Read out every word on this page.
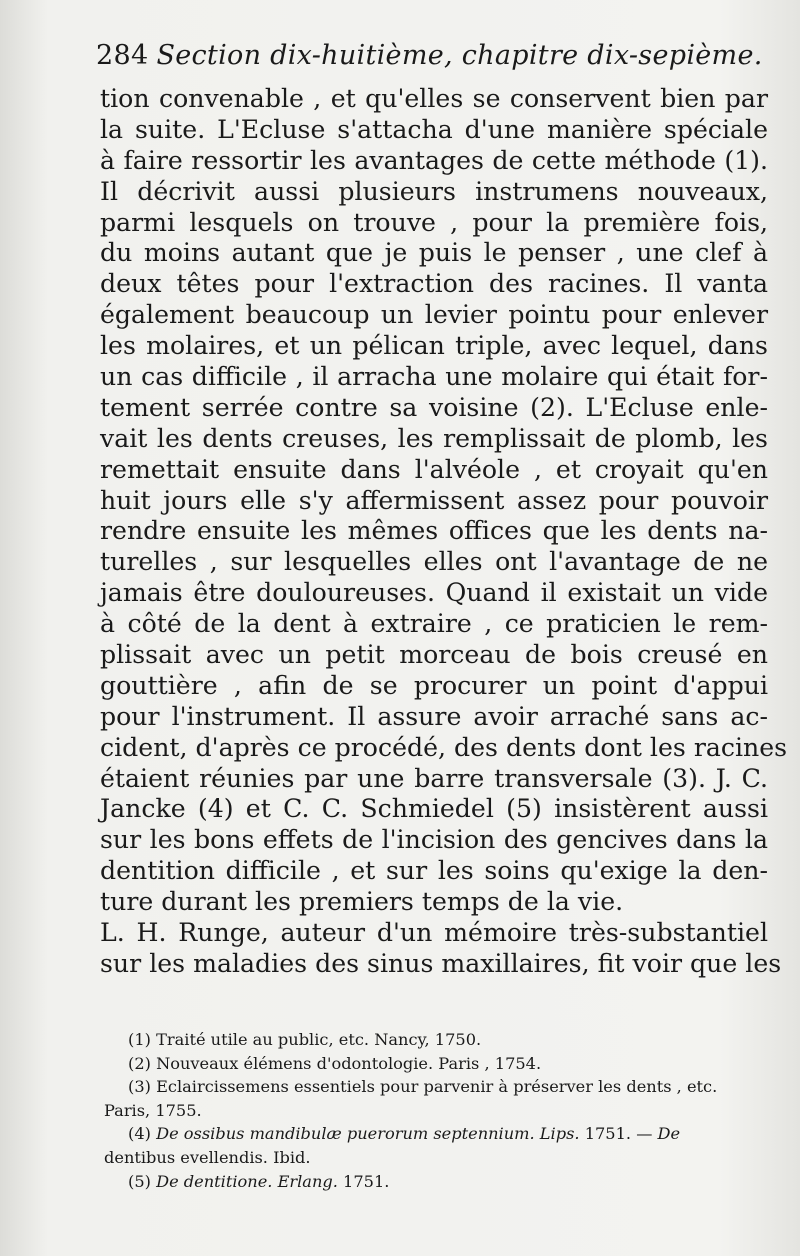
284 Section dix-huitième, chapitre dix-sepième.
tion convenable , et qu'elles se conservent bien par
la suite. L'Ecluse s'attacha d'une manière spéciale
à faire ressortir les avantages de cette méthode (1).
Il décrivit aussi plusieurs instrumens nouveaux,
parmi lesquels on trouve , pour la première fois,
du moins autant que je puis le penser , une clef à
deux têtes pour l'extraction des racines. Il vanta
également beaucoup un levier pointu pour enlever
les molaires, et un pélican triple, avec lequel, dans
un cas difficile , il arracha une molaire qui était for-
tement serrée contre sa voisine (2). L'Ecluse enle-
vait les dents creuses, les remplissait de plomb, les
remettait ensuite dans l'alvéole , et croyait qu'en
huit jours elle s'y affermissent assez pour pouvoir
rendre ensuite les mêmes offices que les dents na-
turelles , sur lesquelles elles ont l'avantage de ne
jamais être douloureuses. Quand il existait un vide
à côté de la dent à extraire , ce praticien le rem-
plissait avec un petit morceau de bois creusé en
gouttière , afin de se procurer un point d'appui
pour l'instrument. Il assure avoir arraché sans ac-
cident, d'après ce procédé, des dents dont les racines
étaient réunies par une barre transversale (3). J. C.
Jancke (4) et C. C. Schmiedel (5) insistèrent aussi
sur les bons effets de l'incision des gencives dans la
dentition difficile , et sur les soins qu'exige la den-
ture durant les premiers temps de la vie.
L. H. Runge, auteur d'un mémoire très-substantiel
sur les maladies des sinus maxillaires, fit voir que les
(1) Traité utile au public, etc. Nancy, 1750.
(2) Nouveaux élémens d'odontologie. Paris , 1754.
(3) Eclaircissemens essentiels pour parvenir à préserver les dents , etc.
Paris, 1755.
(4) De ossibus mandibulæ puerorum septennium. Lips. 1751. — De
dentibus evellendis. Ibid.
(5) De dentitione. Erlang. 1751.
